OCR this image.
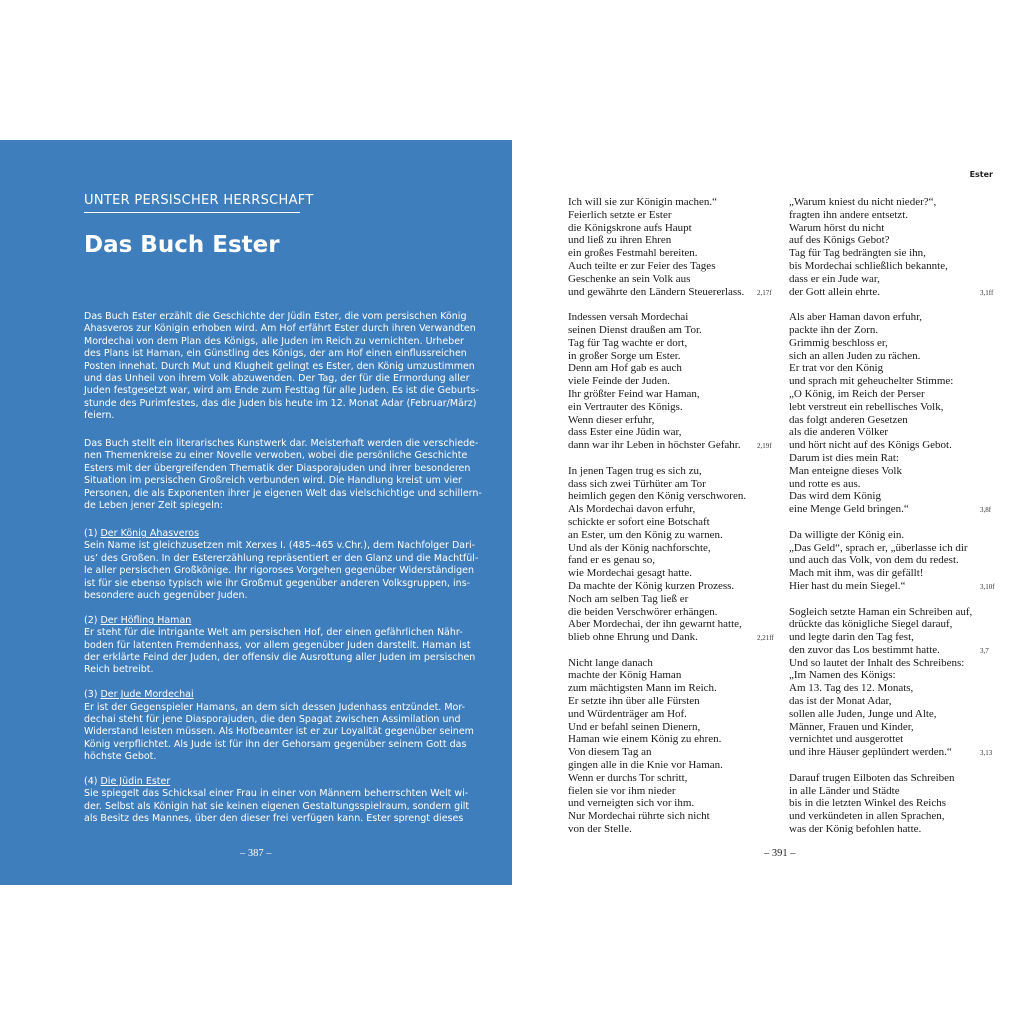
UNTER PERSISCHER HERRSCHAFT
Das Buch Ester
Das Buch Ester erzählt die Geschichte der Jüdin Ester, die vom persischen König
Ahasveros zur Königin erhoben wird. Am Hof erfährt Ester durch ihren Verwandten
Mordechai von dem Plan des Königs, alle Juden im Reich zu vernichten. Urheber
des Plans ist Haman, ein Günstling des Königs, der am Hof einen einflussreichen
Posten innehat. Durch Mut und Klugheit gelingt es Ester, den König umzustimmen
und das Unheil von ihrem Volk abzuwenden. Der Tag, der für die Ermordung aller
Juden festgesetzt war, wird am Ende zum Festtag für alle Juden. Es ist die Geburts-
stunde des Purimfestes, das die Juden bis heute im 12. Monat Adar (Februar/März)
feiern.
Das Buch stellt ein literarisches Kunstwerk dar. Meisterhaft werden die verschiede-
nen Themenkreise zu einer Novelle verwoben, wobei die persönliche Geschichte
Esters mit der übergreifenden Thematik der Diasporajuden und ihrer besonderen
Situation im persischen Großreich verbunden wird. Die Handlung kreist um vier
Personen, die als Exponenten ihrer je eigenen Welt das vielschichtige und schillern-
de Leben jener Zeit spiegeln:
(1) Der König Ahasveros
Sein Name ist gleichzusetzen mit Xerxes I. (485–465 v.Chr.), dem Nachfolger Dari-
us’ des Großen. In der Estererzählung repräsentiert er den Glanz und die Machtfül-
le aller persischen Großkönige. Ihr rigoroses Vorgehen gegenüber Widerständigen
ist für sie ebenso typisch wie ihr Großmut gegenüber anderen Volksgruppen, ins-
besondere auch gegenüber Juden.
(2) Der Höfling Haman
Er steht für die intrigante Welt am persischen Hof, der einen gefährlichen Nähr-
boden für latenten Fremdenhass, vor allem gegenüber Juden darstellt. Haman ist
der erklärte Feind der Juden, der offensiv die Ausrottung aller Juden im persischen
Reich betreibt.
(3) Der Jude Mordechai
Er ist der Gegenspieler Hamans, an dem sich dessen Judenhass entzündet. Mor-
dechai steht für jene Diasporajuden, die den Spagat zwischen Assimilation und
Widerstand leisten müssen. Als Hofbeamter ist er zur Loyalität gegenüber seinem
König verpflichtet. Als Jude ist für ihn der Gehorsam gegenüber seinem Gott das
höchste Gebot.
(4) Die Jüdin Ester
Sie spiegelt das Schicksal einer Frau in einer von Männern beherrschten Welt wi-
der. Selbst als Königin hat sie keinen eigenen Gestaltungsspielraum, sondern gilt
als Besitz des Mannes, über den dieser frei verfügen kann. Ester sprengt dieses
– 387 –
Ester
Ich will sie zur Königin machen.“
Feierlich setzte er Ester
die Königskrone aufs Haupt
und ließ zu ihren Ehren
ein großes Festmahl bereiten.
Auch teilte er zur Feier des Tages
Geschenke an sein Volk aus
und gewährte den Ländern Steuererlass.
Indessen versah Mordechai
seinen Dienst draußen am Tor.
Tag für Tag wachte er dort,
in großer Sorge um Ester.
Denn am Hof gab es auch
viele Feinde der Juden.
Ihr größter Feind war Haman,
ein Vertrauter des Königs.
Wenn dieser erfuhr,
dass Ester eine Jüdin war,
dann war ihr Leben in höchster Gefahr.
In jenen Tagen trug es sich zu,
dass sich zwei Türhüter am Tor
heimlich gegen den König verschworen.
Als Mordechai davon erfuhr,
schickte er sofort eine Botschaft
an Ester, um den König zu warnen.
Und als der König nachforschte,
fand er es genau so,
wie Mordechai gesagt hatte.
Da machte der König kurzen Prozess.
Noch am selben Tag ließ er
die beiden Verschwörer erhängen.
Aber Mordechai, der ihn gewarnt hatte,
blieb ohne Ehrung und Dank.
Nicht lange danach
machte der König Haman
zum mächtigsten Mann im Reich.
Er setzte ihn über alle Fürsten
und Würdenträger am Hof.
Und er befahl seinen Dienern,
Haman wie einem König zu ehren.
Von diesem Tag an
gingen alle in die Knie vor Haman.
Wenn er durchs Tor schritt,
fielen sie vor ihm nieder
und verneigten sich vor ihm.
Nur Mordechai rührte sich nicht
von der Stelle.
„Warum kniest du nicht nieder?“,
fragten ihn andere entsetzt.
Warum hörst du nicht
auf des Königs Gebot?
Tag für Tag bedrängten sie ihn,
bis Mordechai schließlich bekannte,
dass er ein Jude war,
der Gott allein ehrte.
Als aber Haman davon erfuhr,
packte ihn der Zorn.
Grimmig beschloss er,
sich an allen Juden zu rächen.
Er trat vor den König
und sprach mit geheuchelter Stimme:
„O König, im Reich der Perser
lebt verstreut ein rebellisches Volk,
das folgt anderen Gesetzen
als die anderen Völker
und hört nicht auf des Königs Gebot.
Darum ist dies mein Rat:
Man enteigne dieses Volk
und rotte es aus.
Das wird dem König
eine Menge Geld bringen.“
Da willigte der König ein.
„Das Geld“, sprach er, „überlasse ich dir
und auch das Volk, von dem du redest.
Mach mit ihm, was dir gefällt!
Hier hast du mein Siegel.“
Sogleich setzte Haman ein Schreiben auf,
drückte das königliche Siegel darauf,
und legte darin den Tag fest,
den zuvor das Los bestimmt hatte.
Und so lautet der Inhalt des Schreibens:
„Im Namen des Königs:
Am 13. Tag des 12. Monats,
das ist der Monat Adar,
sollen alle Juden, Junge und Alte,
Männer, Frauen und Kinder,
vernichtet und ausgerottet
und ihre Häuser geplündert werden.“
Darauf trugen Eilboten das Schreiben
in alle Länder und Städte
bis in die letzten Winkel des Reichs
und verkündeten in allen Sprachen,
was der König befohlen hatte.
2,17f
2,19f
2,21ff
3,1ff
3,8f
3,10f
3,13
3,7
– 391 –
